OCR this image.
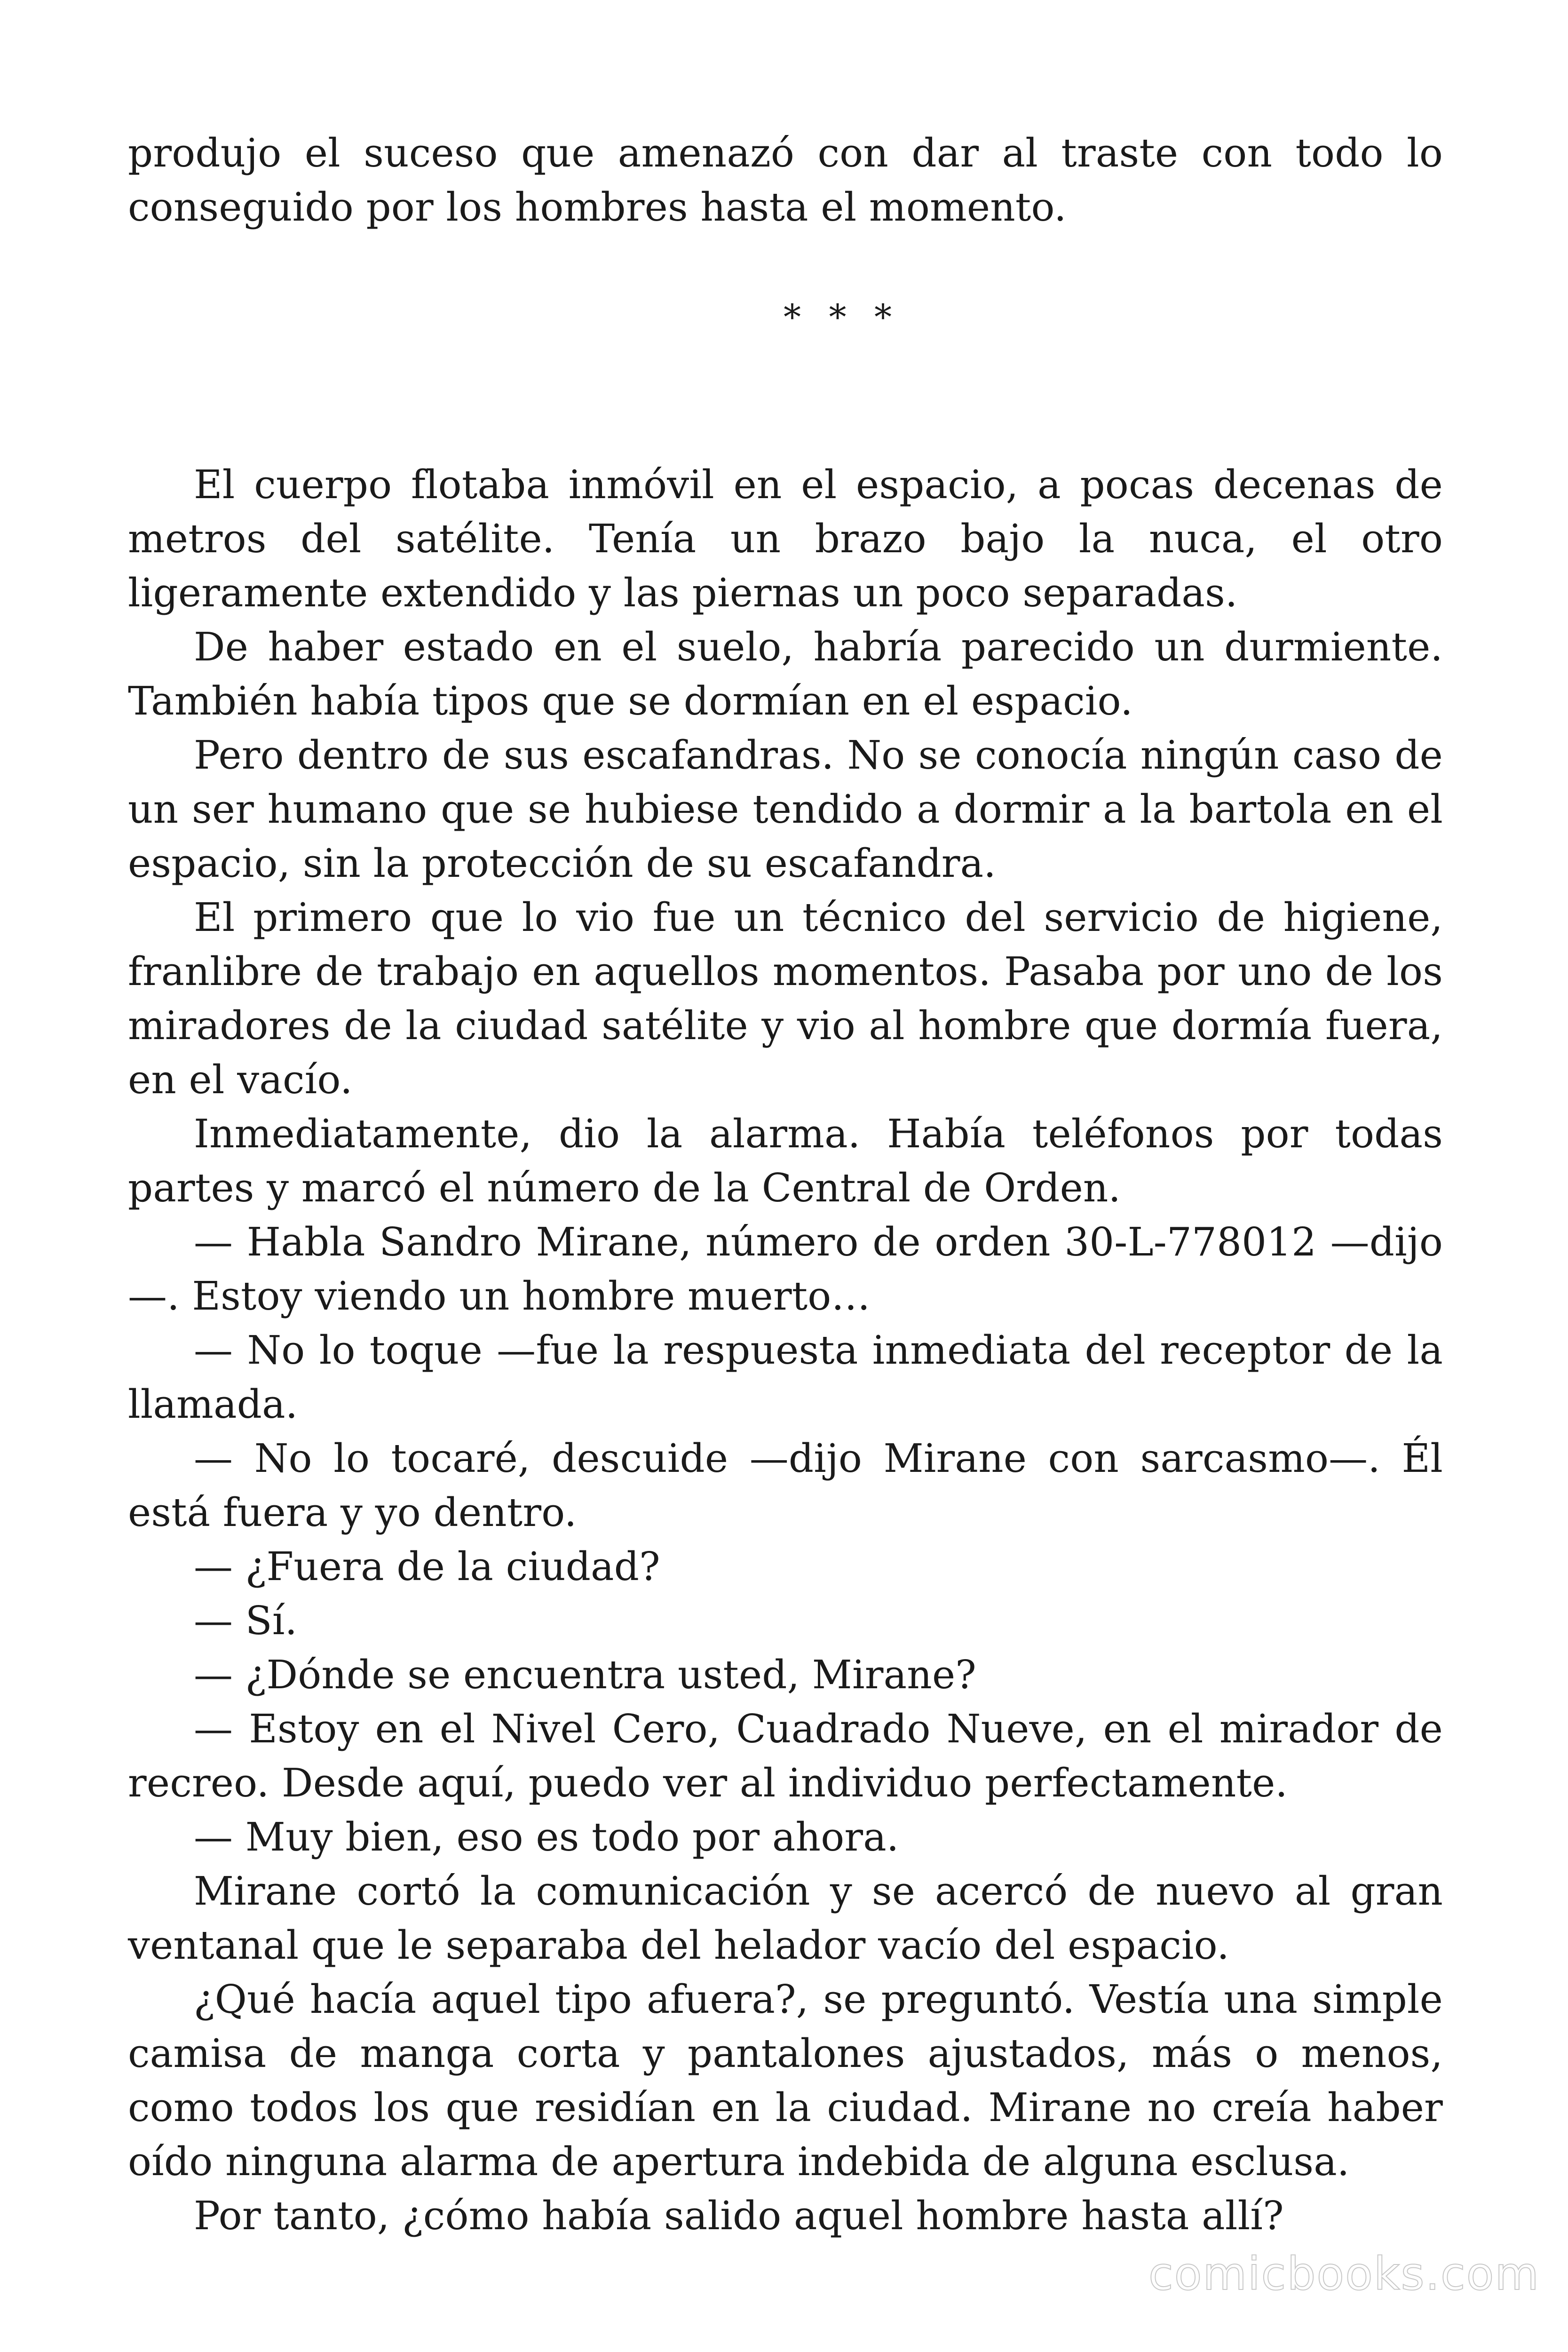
produjo el suceso que amenazó con dar al traste con todo lo conseguido por los hombres hasta el momento.

* * *

El cuerpo flotaba inmóvil en el espacio, a pocas decenas de metros del satélite. Tenía un brazo bajo la nuca, el otro ligeramente extendido y las piernas un poco separadas.

De haber estado en el suelo, habría parecido un durmiente. También había tipos que se dormían en el espacio.

Pero dentro de sus escafandras. No se conocía ningún caso de un ser humano que se hubiese tendido a dormir a la bartola en el espacio, sin la protección de su escafandra.

El primero que lo vio fue un técnico del servicio de higiene, franlibre de trabajo en aquellos momentos. Pasaba por uno de los miradores de la ciudad satélite y vio al hombre que dormía fuera, en el vacío.

Inmediatamente, dio la alarma. Había teléfonos por todas partes y marcó el número de la Central de Orden.

— Habla Sandro Mirane, número de orden 30-L-778012 —dijo —. Estoy viendo un hombre muerto…

— No lo toque —fue la respuesta inmediata del receptor de la llamada.

— No lo tocaré, descuide —dijo Mirane con sarcasmo—. Él está fuera y yo dentro.

— ¿Fuera de la ciudad?

— Sí.

— ¿Dónde se encuentra usted, Mirane?

— Estoy en el Nivel Cero, Cuadrado Nueve, en el mirador de recreo. Desde aquí, puedo ver al individuo perfectamente.

— Muy bien, eso es todo por ahora.

Mirane cortó la comunicación y se acercó de nuevo al gran ventanal que le separaba del helador vacío del espacio.

¿Qué hacía aquel tipo afuera?, se preguntó. Vestía una simple camisa de manga corta y pantalones ajustados, más o menos, como todos los que residían en la ciudad. Mirane no creía haber oído ninguna alarma de apertura indebida de alguna esclusa.

Por tanto, ¿cómo había salido aquel hombre hasta allí?

comicbooks.com
